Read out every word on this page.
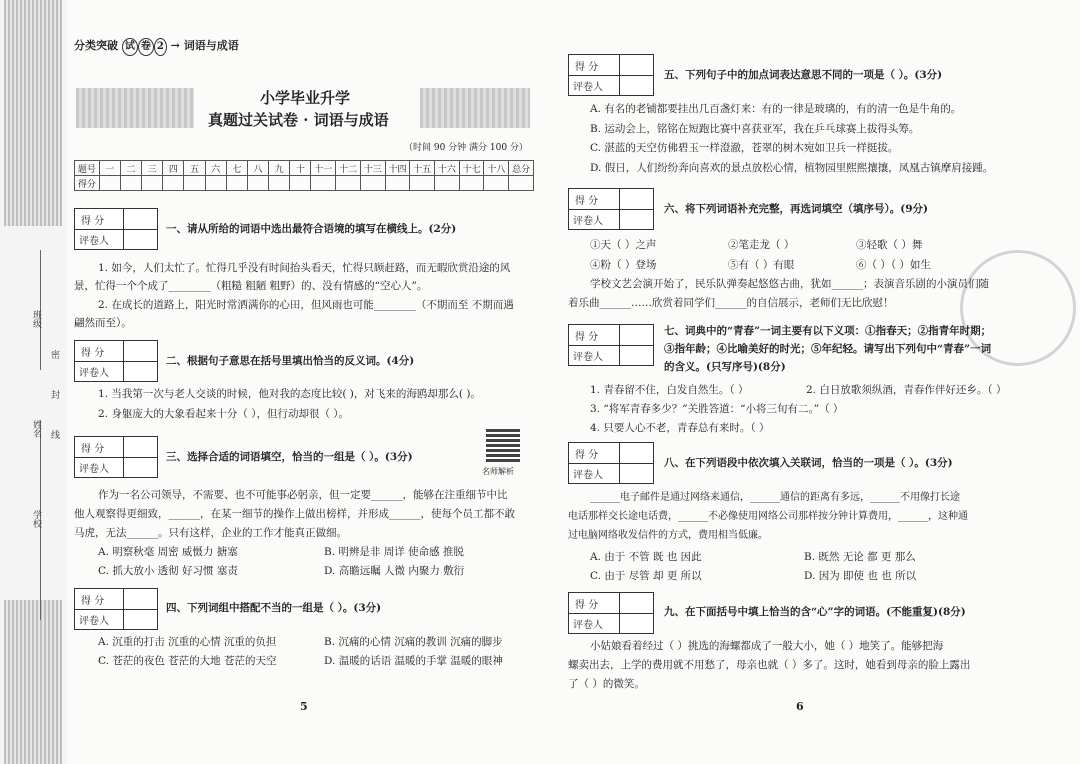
班级
姓名
学校
密
封
线
分类突破 试 卷 2 → 词语与成语
小学毕业升学
真题过关试卷 · 词语与成语
（时间 90 分钟 满分 100 分）
题号	一	二	三	四	五	六	七	八	九	十	十一	十二	十三	十四	十五	十六	十七	十八	总分
得分																			
得 分
评卷人
一、请从所给的词语中选出最符合语境的填写在横线上。(2分)
1. 如今，人们太忙了。忙得几乎没有时间抬头看天，忙得只顾赶路，而无暇欣赏沿途的风
景，忙得一个个成了________（粗糙 粗陋 粗野）的、没有情感的“空心人”。
2. 在成长的道路上，阳光时常洒满你的心田，但风雨也可能________（不期而至 不期而遇
翩然而至）。
得 分
评卷人
二、根据句子意思在括号里填出恰当的反义词。(4分)
1. 当我第一次与老人交谈的时候，他对我的态度比较( )，对飞来的海鸥却那么( )。
2. 身躯庞大的大象看起来十分（ ），但行动却很（ ）。
得 分
评卷人
三、选择合适的词语填空，恰当的一组是（ ）。(3分)
名师解析
作为一名公司领导，不需要、也不可能事必躬亲，但一定要______，能够在注重细节中比
他人观察得更细致，______，在某一细节的操作上做出榜样，并形成______，使每个员工都不敢
马虎，无法______。只有这样，企业的工作才能真正做细。
A. 明察秋毫 周密 威慑力 搪塞	B. 明辨是非 周详 使命感 推脱
C. 抓大放小 透彻 好习惯 塞责	D. 高瞻远瞩 人微 内聚力 敷衍
得 分
评卷人
四、下列词组中搭配不当的一组是（ ）。(3分)
A. 沉重的打击 沉重的心情 沉重的负担	B. 沉痛的心情 沉痛的教训 沉痛的脚步
C. 苍茫的夜色 苍茫的大地 苍茫的天空	D. 温暖的话语 温暖的手掌 温暖的眼神
5
得 分
评卷人
五、下列句子中的加点词表达意思不同的一项是（ ）。(3分)
A. 有名的老铺都要挂出几百盏灯来：有的一律是玻璃的，有的清一色是牛角的。
B. 运动会上，铭铭在短跑比赛中喜获亚军，我在乒乓球赛上拔得头筹。
C. 湛蓝的天空仿佛碧玉一样澄澈，苍翠的树木宛如卫兵一样挺拔。
D. 假日，人们纷纷奔向喜欢的景点放松心情，植物园里熙熙攘攘，凤凰古镇摩肩接踵。
得 分
评卷人
六、将下列词语补充完整，再选词填空（填序号）。(9分)
①天（ ）之声	②笔走龙（ ）	③轻歌（ ）舞
④粉（ ）登场	⑤有（ ）有眼	⑥（ ）（ ）如生
学校文艺会演开始了，民乐队弹奏起悠悠古曲，犹如______；表演音乐剧的小演员们随
着乐曲______……欣赏着同学们______的自信展示，老师们无比欣慰！
得 分
评卷人
七、词典中的“青春”一词主要有以下义项：①指春天；②指青年时期；
③指年龄；④比喻美好的时光；⑤年纪轻。请写出下列句中“青春”一词
的含义。(只写序号)(8分)
1. 青春留不住，白发自然生。（ ）	2. 白日放歌须纵酒，青春作伴好还乡。（ ）
3. “将军青春多少？”关胜答道：“小将三旬有二。”（ ）
4. 只要人心不老，青春总有来时。（ ）
得 分
评卷人
八、在下列语段中依次填入关联词，恰当的一项是（ ）。(3分)
______电子邮件是通过网络来通信，______通信的距离有多远，______不用像打长途
电话那样交长途电话费，______不必像使用网络公司那样按分钟计算费用，______，这种通
过电脑网络收发信件的方式，费用相当低廉。
A. 由于 不管 既 也 因此	B. 既然 无论 都 更 那么
C. 由于 尽管 却 更 所以	D. 因为 即使 也 也 所以
得 分
评卷人
九、在下面括号中填上恰当的含“心”字的词语。(不能重复)(8分)
小姑娘看着经过（ ）挑选的海螺都成了一般大小，她（ ）地笑了。能够把海
螺卖出去，上学的费用就不用愁了，母亲也就（ ）多了。这时，她看到母亲的脸上露出
了（ ）的微笑。
6
